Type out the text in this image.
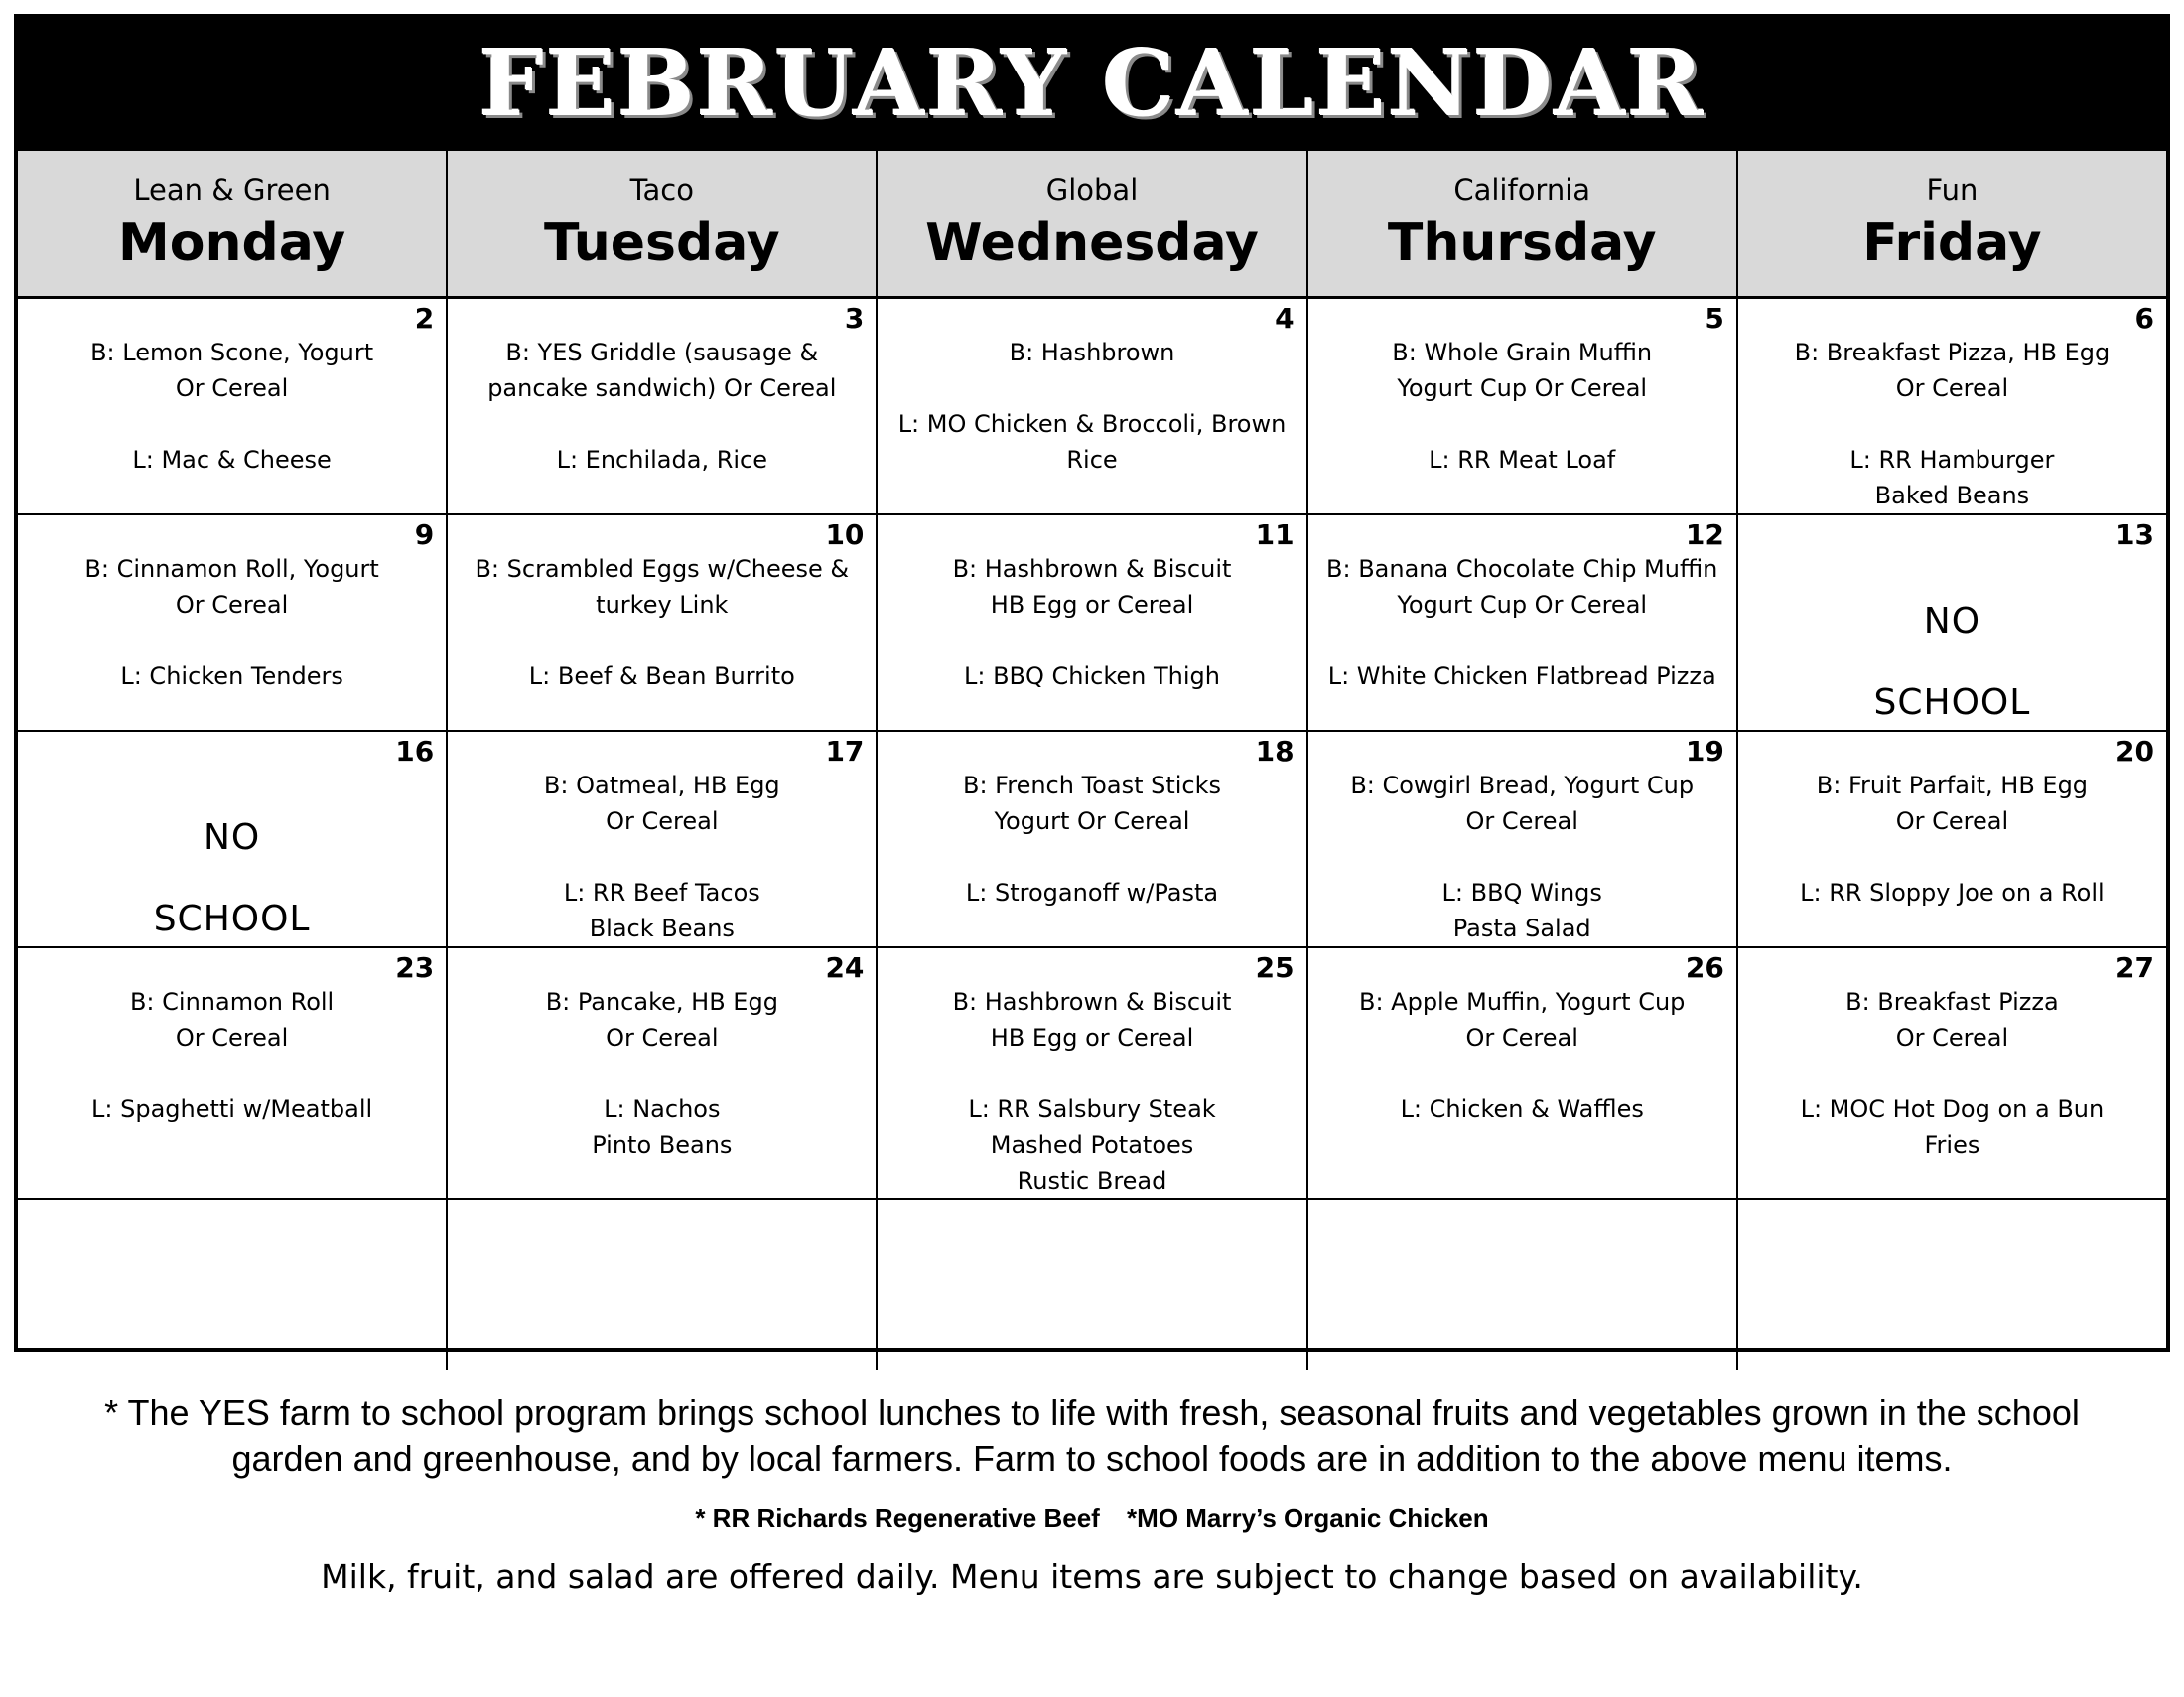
FEBRUARY CALENDAR
Lean & Green
Monday
Taco
Tuesday
Global
Wednesday
California
Thursday
Fun
Friday
2
B: Lemon Scone, Yogurt
Or Cereal
L: Mac & Cheese
3
B: YES Griddle (sausage &
pancake sandwich) Or Cereal
L: Enchilada, Rice
4
B: Hashbrown
L: MO Chicken & Broccoli, Brown
Rice
5
B: Whole Grain Muffin
Yogurt Cup Or Cereal
L: RR Meat Loaf
6
B: Breakfast Pizza, HB Egg
Or Cereal
L: RR Hamburger
Baked Beans
9
B: Cinnamon Roll, Yogurt
Or Cereal
L: Chicken Tenders
10
B: Scrambled Eggs w/Cheese &
turkey Link
L: Beef & Bean Burrito
11
B: Hashbrown & Biscuit
HB Egg or Cereal
L: BBQ Chicken Thigh
12
B: Banana Chocolate Chip Muffin
Yogurt Cup Or Cereal
L: White Chicken Flatbread Pizza
13
NO
SCHOOL
16
NO
SCHOOL
17
B: Oatmeal, HB Egg
Or Cereal
L: RR Beef Tacos
Black Beans
18
B: French Toast Sticks
Yogurt Or Cereal
L: Stroganoff w/Pasta
19
B: Cowgirl Bread, Yogurt Cup
Or Cereal
L: BBQ Wings
Pasta Salad
20
B: Fruit Parfait, HB Egg
Or Cereal
L: RR Sloppy Joe on a Roll
23
B: Cinnamon Roll
Or Cereal
L: Spaghetti w/Meatball
24
B: Pancake, HB Egg
Or Cereal
L: Nachos
Pinto Beans
25
B: Hashbrown & Biscuit
HB Egg or Cereal
L: RR Salsbury Steak
Mashed Potatoes
Rustic Bread
26
B: Apple Muffin, Yogurt Cup
Or Cereal
L: Chicken & Waffles
27
B: Breakfast Pizza
Or Cereal
L: MOC Hot Dog on a Bun
Fries
* The YES farm to school program brings school lunches to life with fresh, seasonal fruits and vegetables grown in the school garden and greenhouse, and by local farmers. Farm to school foods are in addition to the above menu items.
* RR Richards Regenerative Beef *MO Marry’s Organic Chicken
Milk, fruit, and salad are offered daily. Menu items are subject to change based on availability.
